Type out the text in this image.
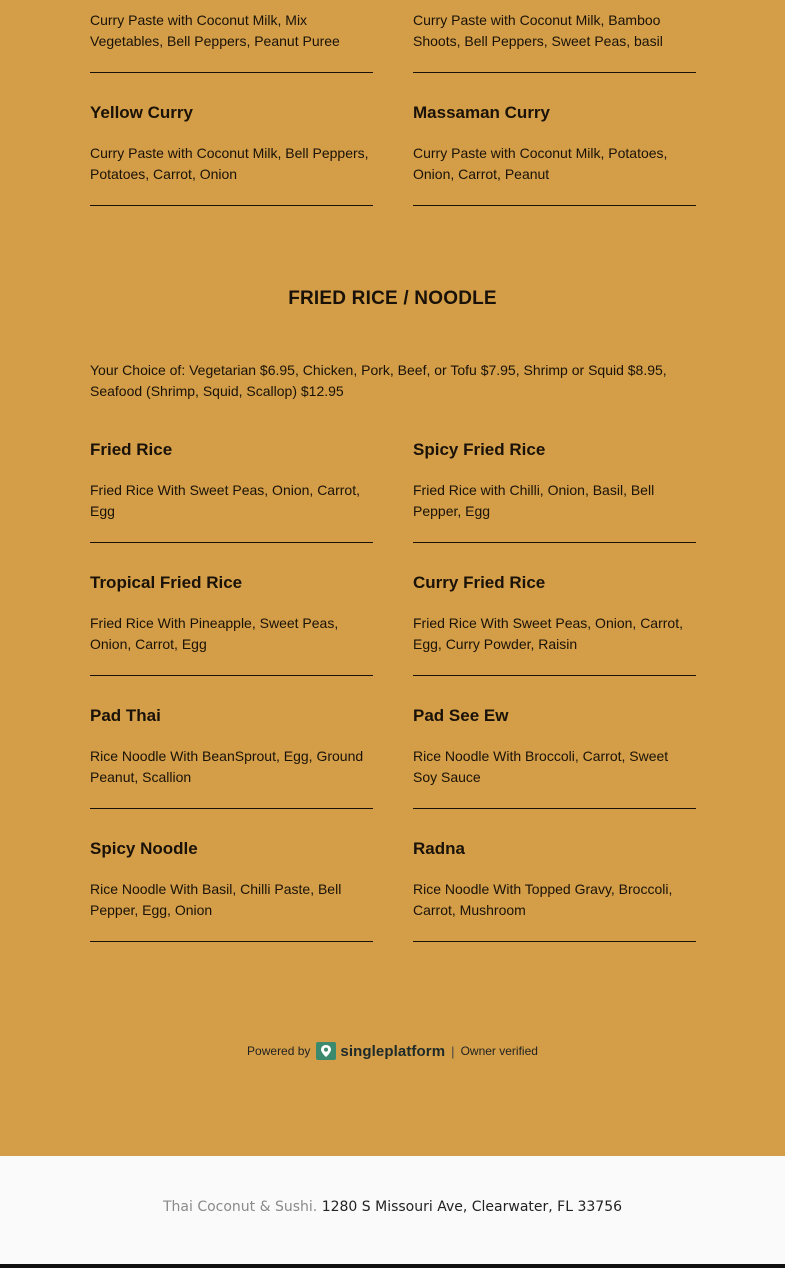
Curry Paste with Coconut Milk, Mix Vegetables, Bell Peppers, Peanut Puree
Curry Paste with Coconut Milk, Bamboo Shoots, Bell Peppers, Sweet Peas, basil
Yellow Curry
Curry Paste with Coconut Milk, Bell Peppers, Potatoes, Carrot, Onion
Massaman Curry
Curry Paste with Coconut Milk, Potatoes, Onion, Carrot, Peanut
FRIED RICE / NOODLE
Your Choice of: Vegetarian $6.95, Chicken, Pork, Beef, or Tofu $7.95, Shrimp or Squid $8.95, Seafood (Shrimp, Squid, Scallop) $12.95
Fried Rice
Fried Rice With Sweet Peas, Onion, Carrot, Egg
Spicy Fried Rice
Fried Rice with Chilli, Onion, Basil, Bell Pepper, Egg
Tropical Fried Rice
Fried Rice With Pineapple, Sweet Peas, Onion, Carrot, Egg
Curry Fried Rice
Fried Rice With Sweet Peas, Onion, Carrot, Egg, Curry Powder, Raisin
Pad Thai
Rice Noodle With BeanSprout, Egg, Ground Peanut, Scallion
Pad See Ew
Rice Noodle With Broccoli, Carrot, Sweet Soy Sauce
Spicy Noodle
Rice Noodle With Basil, Chilli Paste, Bell Pepper, Egg, Onion
Radna
Rice Noodle With Topped Gravy, Broccoli, Carrot, Mushroom
Powered by singleplatform | Owner verified
Thai Coconut & Sushi. 1280 S Missouri Ave, Clearwater, FL 33756
